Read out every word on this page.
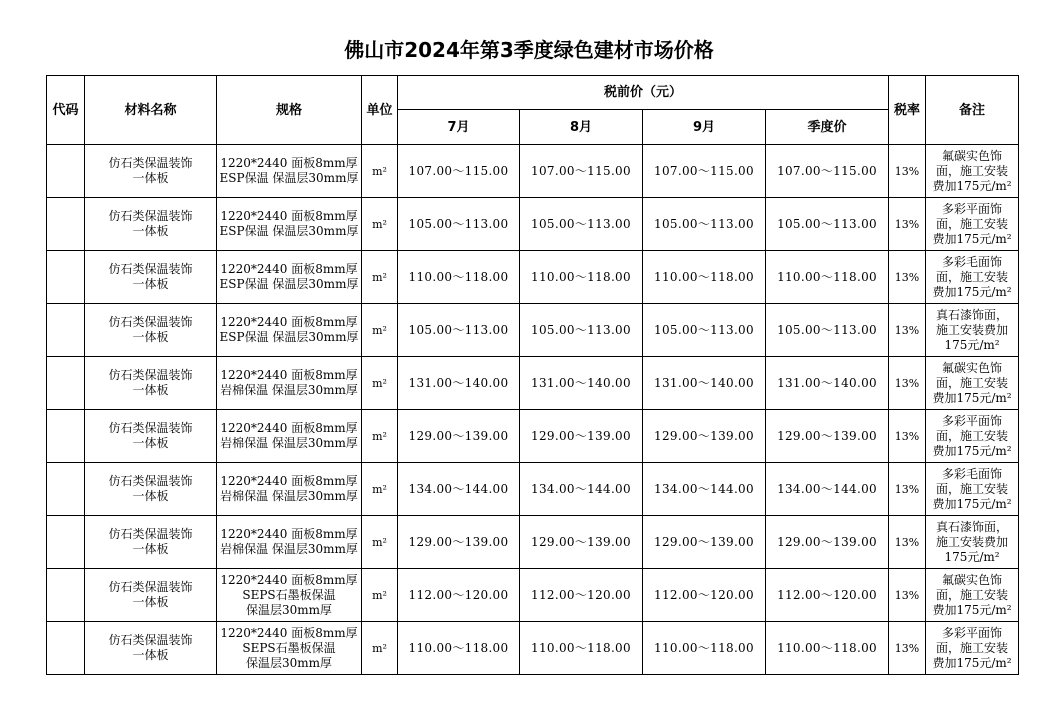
佛山市2024年第3季度绿色建材市场价格
代码	材料名称	规格	单位	税前价（元）				税率	备注
				7月	8月	9月	季度价		
	仿石类保温装饰
一体板	1220*2440 面板8mm厚
ESP保温 保温层30mm厚	m²	107.00～115.00	107.00～115.00	107.00～115.00	107.00～115.00	13%	氟碳实色饰
面，施工安装
费加175元/m²
	仿石类保温装饰
一体板	1220*2440 面板8mm厚
ESP保温 保温层30mm厚	m²	105.00～113.00	105.00～113.00	105.00～113.00	105.00～113.00	13%	多彩平面饰
面，施工安装
费加175元/m²
	仿石类保温装饰
一体板	1220*2440 面板8mm厚
ESP保温 保温层30mm厚	m²	110.00～118.00	110.00～118.00	110.00～118.00	110.00～118.00	13%	多彩毛面饰
面，施工安装
费加175元/m²
	仿石类保温装饰
一体板	1220*2440 面板8mm厚
ESP保温 保温层30mm厚	m²	105.00～113.00	105.00～113.00	105.00～113.00	105.00～113.00	13%	真石漆饰面，
施工安装费加
175元/m²
	仿石类保温装饰
一体板	1220*2440 面板8mm厚
岩棉保温 保温层30mm厚	m²	131.00～140.00	131.00～140.00	131.00～140.00	131.00～140.00	13%	氟碳实色饰
面，施工安装
费加175元/m²
	仿石类保温装饰
一体板	1220*2440 面板8mm厚
岩棉保温 保温层30mm厚	m²	129.00～139.00	129.00～139.00	129.00～139.00	129.00～139.00	13%	多彩平面饰
面，施工安装
费加175元/m²
	仿石类保温装饰
一体板	1220*2440 面板8mm厚
岩棉保温 保温层30mm厚	m²	134.00～144.00	134.00～144.00	134.00～144.00	134.00～144.00	13%	多彩毛面饰
面，施工安装
费加175元/m²
	仿石类保温装饰
一体板	1220*2440 面板8mm厚
岩棉保温 保温层30mm厚	m²	129.00～139.00	129.00～139.00	129.00～139.00	129.00～139.00	13%	真石漆饰面，
施工安装费加
175元/m²
	仿石类保温装饰
一体板	1220*2440 面板8mm厚
SEPS石墨板保温
保温层30mm厚	m²	112.00～120.00	112.00～120.00	112.00～120.00	112.00～120.00	13%	氟碳实色饰
面，施工安装
费加175元/m²
	仿石类保温装饰
一体板	1220*2440 面板8mm厚
SEPS石墨板保温
保温层30mm厚	m²	110.00～118.00	110.00～118.00	110.00～118.00	110.00～118.00	13%	多彩平面饰
面，施工安装
费加175元/m²
